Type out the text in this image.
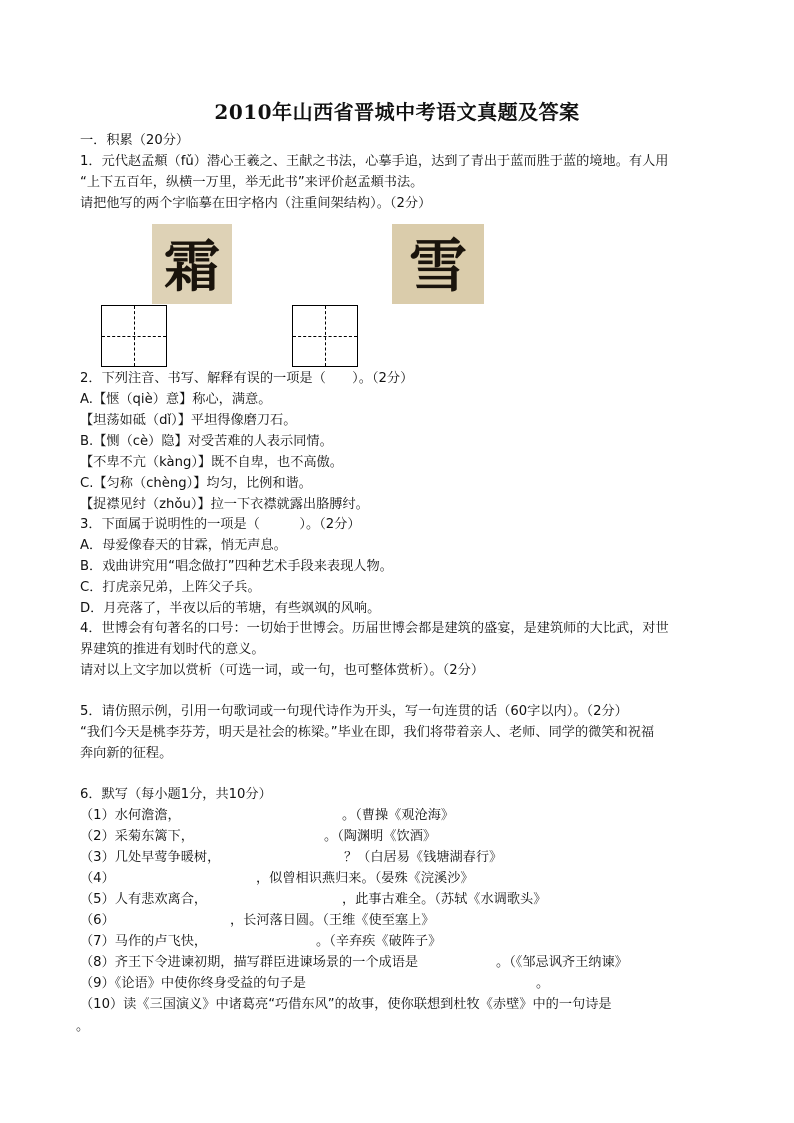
2010年山西省晋城中考语文真题及答案
一．积累（20分）
1．元代赵孟頫（fǔ）潜心王羲之、王献之书法，心摹手追，达到了青出于蓝而胜于蓝的境地。有人用
“上下五百年，纵横一万里，举无此书”来评价赵孟頫书法。
请把他写的两个字临摹在田字格内（注重间架结构）。（2分）
霜	雪
2．下列注音、书写、解释有误的一项是（　　）。（2分）
A.【惬（qiè）意】称心，满意。
【坦荡如砥（dǐ）】平坦得像磨刀石。
B.【恻（cè）隐】对受苦难的人表示同情。
【不卑不亢（kàng）】既不自卑，也不高傲。
C.【匀称（chèng）】均匀，比例和谐。
【捉襟见纣（zhǒu）】拉一下衣襟就露出胳膊纣。
3．下面属于说明性的一项是（　　　）。（2分）
A．母爱像春天的甘霖，悄无声息。
B．戏曲讲究用“唱念做打”四种艺术手段来表现人物。
C．打虎亲兄弟，上阵父子兵。
D．月亮落了，半夜以后的苇塘，有些飒飒的风响。
4．世博会有句著名的口号：一切始于世博会。历届世博会都是建筑的盛宴，是建筑师的大比武，对世
界建筑的推进有划时代的意义。
请对以上文字加以赏析（可选一词，或一句，也可整体赏析）。（2分）
5．请仿照示例，引用一句歌词或一句现代诗作为开头，写一句连贯的话（60字以内）。（2分）
“我们今天是桃李芬芳，明天是社会的栋梁。”毕业在即，我们将带着亲人、老师、同学的微笑和祝福
奔向新的征程。
6．默写（每小题1分，共10分）
（1）水何澹澹，	。（曹操《观沧海》
（2）采菊东篱下，	。（陶渊明《饮酒》
（3）几处早莺争暖树，	？（白居易《钱塘湖春行》
（4）	，似曾相识燕归来。（晏殊《浣溪沙》
（5）人有悲欢离合，	，此事古难全。（苏轼《水调歌头》
（6）	，长河落日圆。（王维《使至塞上》
（7）马作的卢飞快，	。（辛弃疾《破阵子》
（8）齐王下令进谏初期，描写群臣进谏场景的一个成语是	。（《邹忌讽齐王纳谏》
（9）《论语》中使你终身受益的句子是	。
（10）读《三国演义》中诸葛亮“巧借东风”的故事，使你联想到杜牧《赤壁》中的一句诗是
。
